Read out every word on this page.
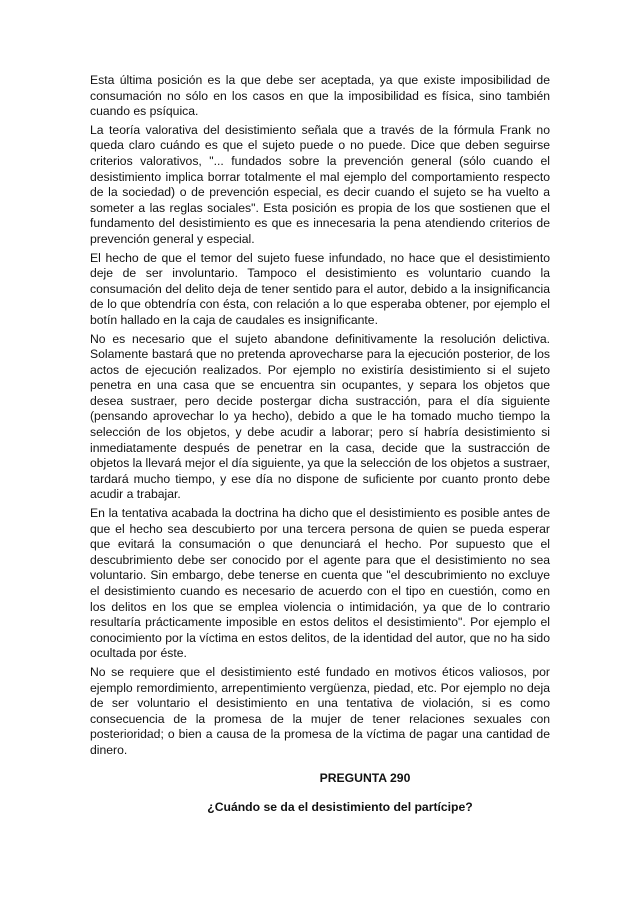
Esta última posición es la que debe ser aceptada, ya que existe imposibilidad de consumación no sólo en los casos en que la imposibilidad es física, sino también cuando es psíquica.

La teoría valorativa del desistimiento señala que a través de la fórmula Frank no queda claro cuándo es que el sujeto puede o no puede. Dice que deben seguirse criterios valorativos, "... fundados sobre la prevención general (sólo cuando el desistimiento implica borrar totalmente el mal ejemplo del comportamiento respecto de la sociedad) o de prevención especial, es decir cuando el sujeto se ha vuelto a someter a las reglas sociales". Esta posición es propia de los que sostienen que el fundamento del desistimiento es que es innecesaria la pena atendiendo criterios de prevención general y especial.

El hecho de que el temor del sujeto fuese infundado, no hace que el desistimiento deje de ser involuntario. Tampoco el desistimiento es voluntario cuando la consumación del delito deja de tener sentido para el autor, debido a la insignificancia de lo que obtendría con ésta, con relación a lo que esperaba obtener, por ejemplo el botín hallado en la caja de caudales es insignificante.

No es necesario que el sujeto abandone definitivamente la resolución delictiva. Solamente bastará que no pretenda aprovecharse para la ejecución posterior, de los actos de ejecución realizados. Por ejemplo no existiría desistimiento si el sujeto penetra en una casa que se encuentra sin ocupantes, y separa los objetos que desea sustraer, pero decide postergar dicha sustracción, para el día siguiente (pensando aprovechar lo ya hecho), debido a que le ha tomado mucho tiempo la selección de los objetos, y debe acudir a laborar; pero sí habría desistimiento si inmediatamente después de penetrar en la casa, decide que la sustracción de objetos la llevará mejor el día siguiente, ya que la selección de los objetos a sustraer, tardará mucho tiempo, y ese día no dispone de suficiente por cuanto pronto debe acudir a trabajar.

En la tentativa acabada la doctrina ha dicho que el desistimiento es posible antes de que el hecho sea descubierto por una tercera persona de quien se pueda esperar que evitará la consumación o que denunciará el hecho. Por supuesto que el descubrimiento debe ser conocido por el agente para que el desistimiento no sea voluntario. Sin embargo, debe tenerse en cuenta que "el descubrimiento no excluye el desistimiento cuando es necesario de acuerdo con el tipo en cuestión, como en los delitos en los que se emplea violencia o intimidación, ya que de lo contrario resultaría prácticamente imposible en estos delitos el desistimiento". Por ejemplo el conocimiento por la víctima en estos delitos, de la identidad del autor, que no ha sido ocultada por éste.

No se requiere que el desistimiento esté fundado en motivos éticos valiosos, por ejemplo remordimiento, arrepentimiento vergüenza, piedad, etc. Por ejemplo no deja de ser voluntario el desistimiento en una tentativa de violación, si es como consecuencia de la promesa de la mujer de tener relaciones sexuales con posterioridad; o bien a causa de la promesa de la víctima de pagar una cantidad de dinero.

PREGUNTA 290

¿Cuándo se da el desistimiento del partícipe?
